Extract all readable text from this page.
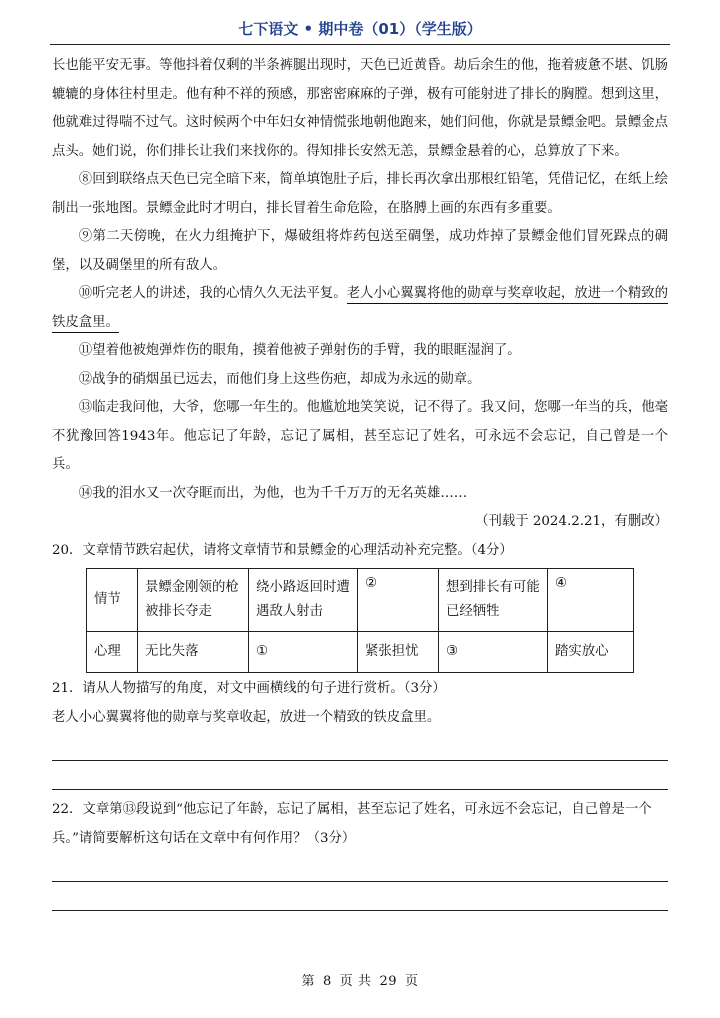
七下语文 • 期中卷（01）（学生版）

长也能平安无事。等他抖着仅剩的半条裤腿出现时，天色已近黄昏。劫后余生的他，拖着疲惫不堪、饥肠辘辘的身体往村里走。他有种不祥的预感，那密密麻麻的子弹，极有可能射进了排长的胸膛。想到这里，他就难过得喘不过气。这时候两个中年妇女神情慌张地朝他跑来，她们问他，你就是景鳔金吧。景鳔金点点头。她们说，你们排长让我们来找你的。得知排长安然无恙，景鳔金悬着的心，总算放了下来。

⑧回到联络点天色已完全暗下来，简单填饱肚子后，排长再次拿出那根红铅笔，凭借记忆，在纸上绘制出一张地图。景鳔金此时才明白，排长冒着生命危险，在胳膊上画的东西有多重要。

⑨第二天傍晚，在火力组掩护下，爆破组将炸药包送至碉堡，成功炸掉了景鳔金他们冒死跺点的碉堡，以及碉堡里的所有敌人。

⑩听完老人的讲述，我的心情久久无法平复。老人小心翼翼将他的勋章与奖章收起，放进一个精致的铁皮盒里。

⑪望着他被炮弹炸伤的眼角，摸着他被子弹射伤的手臂，我的眼眶湿润了。

⑫战争的硝烟虽已远去，而他们身上这些伤疤，却成为永远的勋章。

⑬临走我问他，大爷，您哪一年生的。他尴尬地笑笑说，记不得了。我又问，您哪一年当的兵，他毫不犹豫回答1943年。他忘记了年龄，忘记了属相，甚至忘记了姓名，可永远不会忘记，自己曾是一个兵。

⑭我的泪水又一次夺眶而出，为他，也为千千万万的无名英雄……

（刊载于 2024.2.21，有删改）

20．文章情节跌宕起伏，请将文章情节和景鳔金的心理活动补充完整。（4分）

情节	景鳔金刚领的枪被排长夺走	绕小路返回时遭遇敌人射击	②	想到排长有可能已经牺牲	④
心理	无比失落	①	紧张担忧	③	踏实放心

21．请从人物描写的角度，对文中画横线的句子进行赏析。（3分）

老人小心翼翼将他的勋章与奖章收起，放进一个精致的铁皮盒里。

22．文章第⑬段说到“他忘记了年龄，忘记了属相，甚至忘记了姓名，可永远不会忘记，自己曾是一个兵。”请简要解析这句话在文章中有何作用？（3分）

第 8 页 共 29 页
